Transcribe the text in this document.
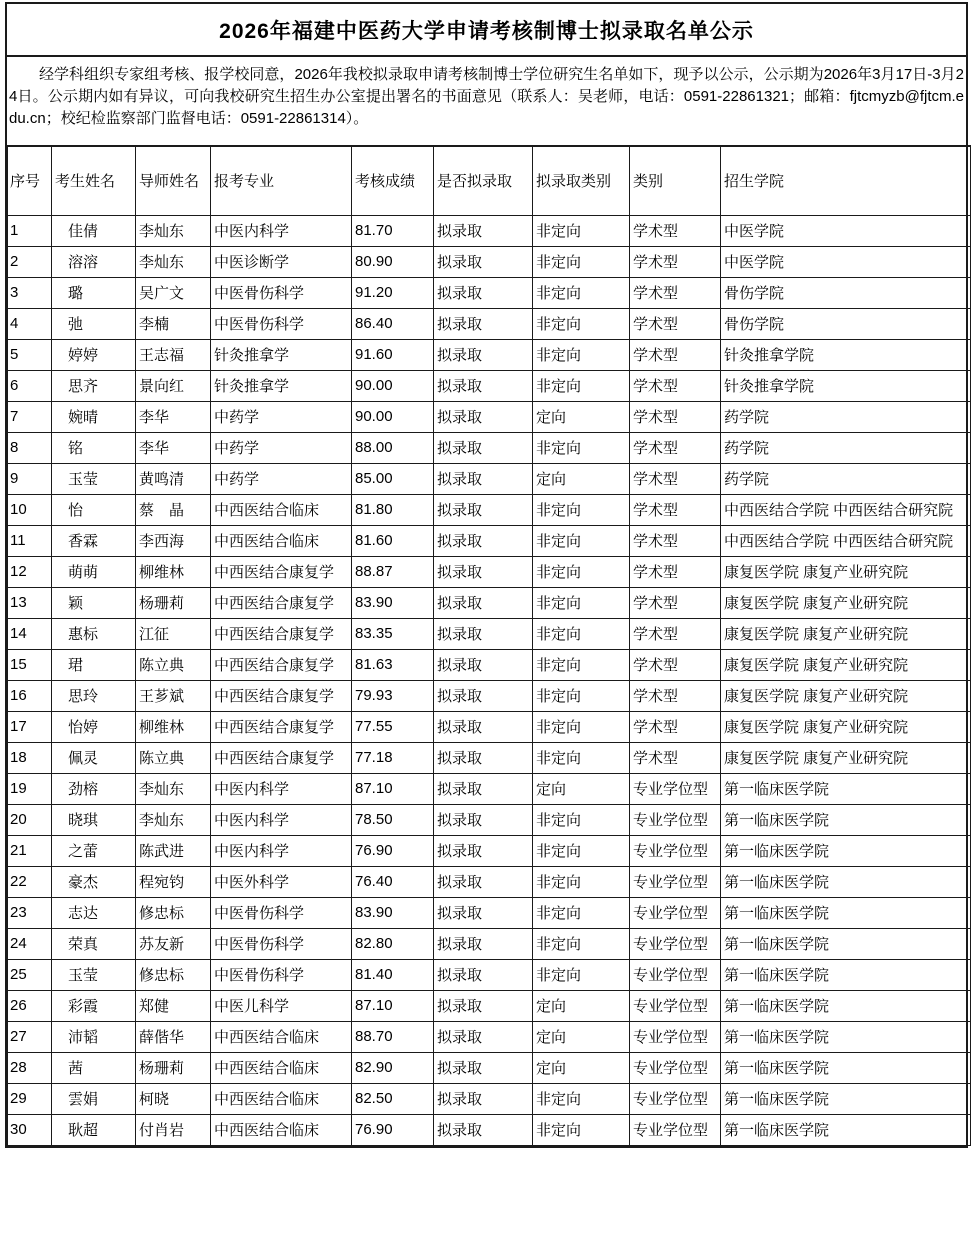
2026年福建中医药大学申请考核制博士拟录取名单公示

经学科组织专家组考核、报学校同意，2026年我校拟录取申请考核制博士学位研究生名单如下，现予以公示，公示期为2026年3月17日-3月24日。公示期内如有异议，可向我校研究生招生办公室提出署名的书面意见（联系人：吴老师，电话：0591-22861321；邮箱：fjtcmyzb@fjtcm.edu.cn；校纪检监察部门监督电话：0591-22861314）。

序号	考生姓名	导师姓名	报考专业	考核成绩	是否拟录取	拟录取类别	类别	招生学院
1	佳倩	李灿东	中医内科学	81.70	拟录取	非定向	学术型	中医学院
2	溶溶	李灿东	中医诊断学	80.90	拟录取	非定向	学术型	中医学院
3	璐	吴广文	中医骨伤科学	91.20	拟录取	非定向	学术型	骨伤学院
4	弛	李楠	中医骨伤科学	86.40	拟录取	非定向	学术型	骨伤学院
5	婷婷	王志福	针灸推拿学	91.60	拟录取	非定向	学术型	针灸推拿学院
6	思齐	景向红	针灸推拿学	90.00	拟录取	非定向	学术型	针灸推拿学院
7	婉晴	李华	中药学	90.00	拟录取	定向	学术型	药学院
8	铭	李华	中药学	88.00	拟录取	非定向	学术型	药学院
9	玉莹	黄鸣清	中药学	85.00	拟录取	定向	学术型	药学院
10	怡	蔡　晶	中西医结合临床	81.80	拟录取	非定向	学术型	中西医结合学院 中西医结合研究院
11	香霖	李西海	中西医结合临床	81.60	拟录取	非定向	学术型	中西医结合学院 中西医结合研究院
12	萌萌	柳维林	中西医结合康复学	88.87	拟录取	非定向	学术型	康复医学院 康复产业研究院
13	颖	杨珊莉	中西医结合康复学	83.90	拟录取	非定向	学术型	康复医学院 康复产业研究院
14	惠标	江征	中西医结合康复学	83.35	拟录取	非定向	学术型	康复医学院 康复产业研究院
15	珺	陈立典	中西医结合康复学	81.63	拟录取	非定向	学术型	康复医学院 康复产业研究院
16	思玲	王芗斌	中西医结合康复学	79.93	拟录取	非定向	学术型	康复医学院 康复产业研究院
17	怡婷	柳维林	中西医结合康复学	77.55	拟录取	非定向	学术型	康复医学院 康复产业研究院
18	佩灵	陈立典	中西医结合康复学	77.18	拟录取	非定向	学术型	康复医学院 康复产业研究院
19	劲榕	李灿东	中医内科学	87.10	拟录取	定向	专业学位型	第一临床医学院
20	晓琪	李灿东	中医内科学	78.50	拟录取	非定向	专业学位型	第一临床医学院
21	之蕾	陈武进	中医内科学	76.90	拟录取	非定向	专业学位型	第一临床医学院
22	豪杰	程宛钧	中医外科学	76.40	拟录取	非定向	专业学位型	第一临床医学院
23	志达	修忠标	中医骨伤科学	83.90	拟录取	非定向	专业学位型	第一临床医学院
24	荣真	苏友新	中医骨伤科学	82.80	拟录取	非定向	专业学位型	第一临床医学院
25	玉莹	修忠标	中医骨伤科学	81.40	拟录取	非定向	专业学位型	第一临床医学院
26	彩霞	郑健	中医儿科学	87.10	拟录取	定向	专业学位型	第一临床医学院
27	沛韬	薛偕华	中西医结合临床	88.70	拟录取	定向	专业学位型	第一临床医学院
28	茜	杨珊莉	中西医结合临床	82.90	拟录取	定向	专业学位型	第一临床医学院
29	雲娟	柯晓	中西医结合临床	82.50	拟录取	非定向	专业学位型	第一临床医学院
30	耿超	付肖岩	中西医结合临床	76.90	拟录取	非定向	专业学位型	第一临床医学院
